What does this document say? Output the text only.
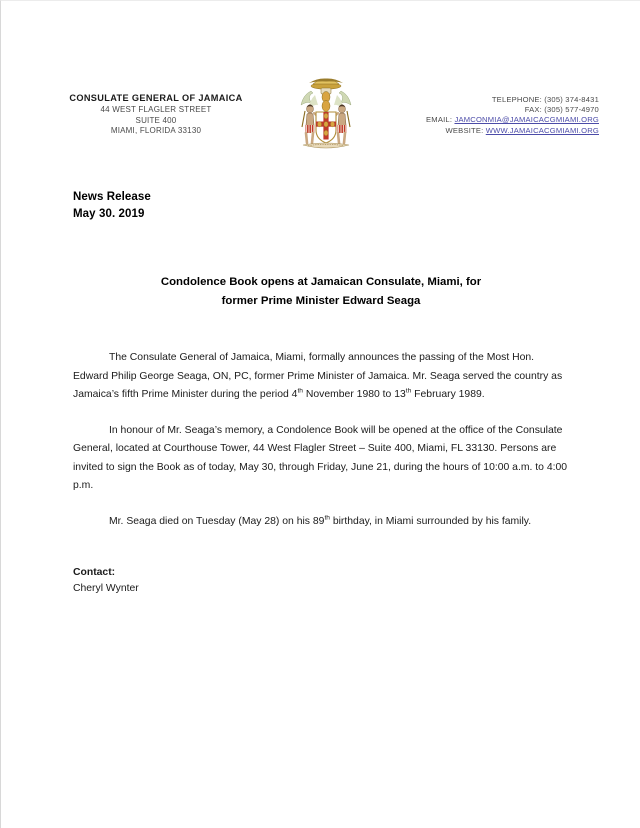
CONSULATE GENERAL OF JAMAICA
44 WEST FLAGLER STREET
SUITE 400
MIAMI, FLORIDA 33130
TELEPHONE: (305) 374-8431
FAX: (305) 577-4970
EMAIL: JAMCONMIA@JAMAICACGMIAMI.ORG
WEBSITE: WWW.JAMAICACGMIAMI.ORG
News Release
May 30. 2019
Condolence Book opens at Jamaican Consulate, Miami, for
former Prime Minister Edward Seaga

The Consulate General of Jamaica, Miami, formally announces the passing of the Most Hon. Edward Philip George Seaga, ON, PC, former Prime Minister of Jamaica. Mr. Seaga served the country as Jamaica’s fifth Prime Minister during the period 4th November 1980 to 13th February 1989.

In honour of Mr. Seaga’s memory, a Condolence Book will be opened at the office of the Consulate General, located at Courthouse Tower, 44 West Flagler Street – Suite 400, Miami, FL 33130. Persons are invited to sign the Book as of today, May 30, through Friday, June 21, during the hours of 10:00 a.m. to 4:00 p.m.

Mr. Seaga died on Tuesday (May 28) on his 89th birthday, in Miami surrounded by his family.

Contact:
Cheryl Wynter
